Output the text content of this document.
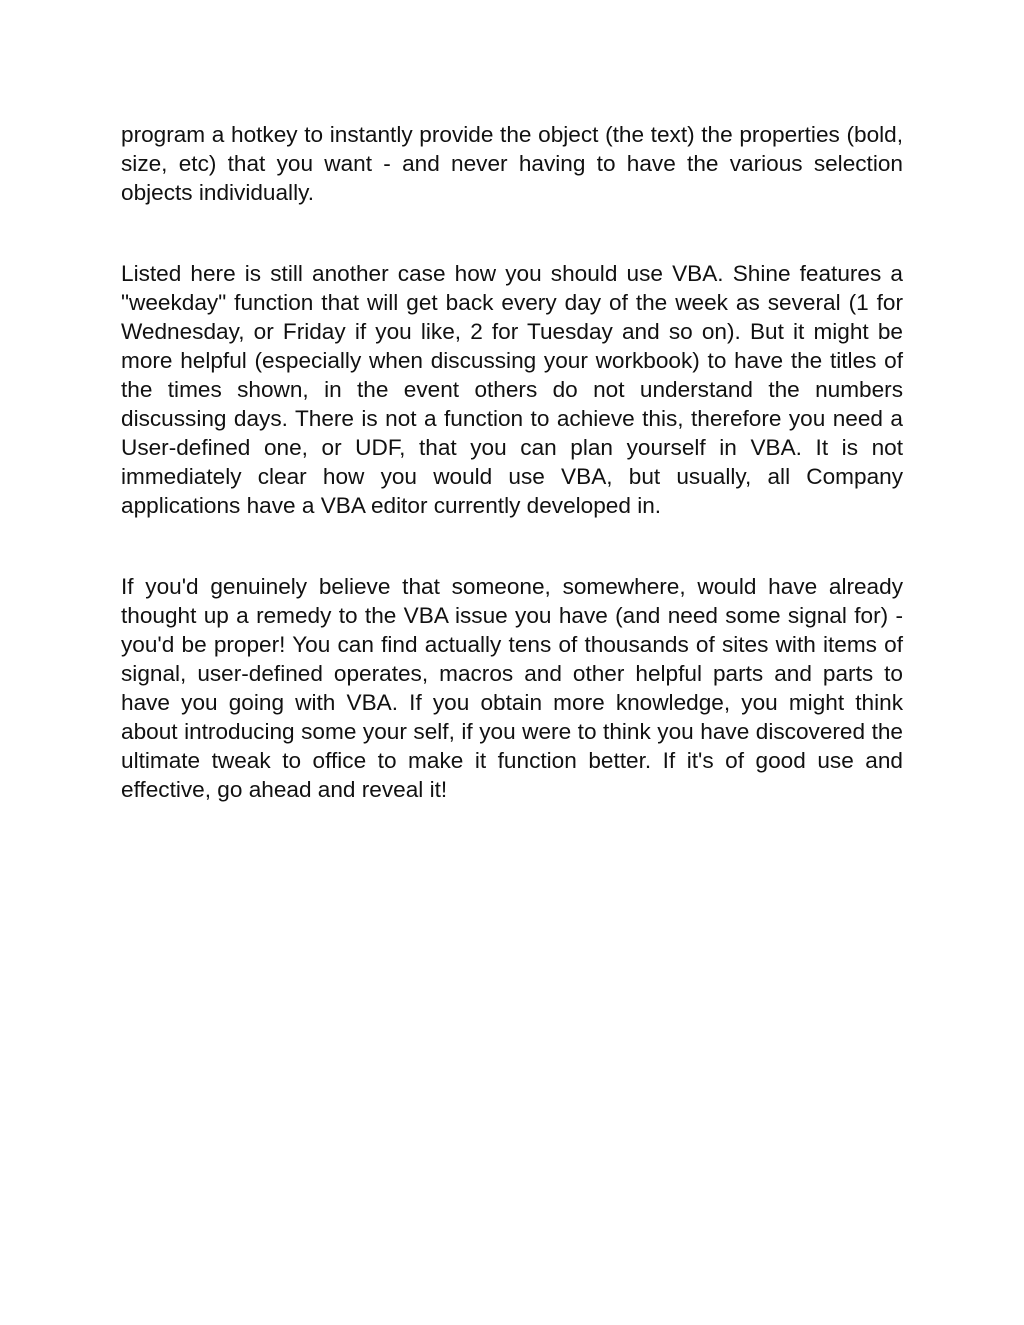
program a hotkey to instantly provide the object (the text) the properties (bold, size, etc) that you want - and never having to have the various selection objects individually.

Listed here is still another case how you should use VBA. Shine features a "weekday" function that will get back every day of the week as several (1 for Wednesday, or Friday if you like, 2 for Tuesday and so on). But it might be more helpful (especially when discussing your workbook) to have the titles of the times shown, in the event others do not understand the numbers discussing days. There is not a function to achieve this, therefore you need a User-defined one, or UDF, that you can plan yourself in VBA. It is not immediately clear how you would use VBA, but usually, all Company applications have a VBA editor currently developed in.

If you'd genuinely believe that someone, somewhere, would have already thought up a remedy to the VBA issue you have (and need some signal for) - you'd be proper! You can find actually tens of thousands of sites with items of signal, user-defined operates, macros and other helpful parts and parts to have you going with VBA. If you obtain more knowledge, you might think about introducing some your self, if you were to think you have discovered the ultimate tweak to office to make it function better. If it's of good use and effective, go ahead and reveal it!
